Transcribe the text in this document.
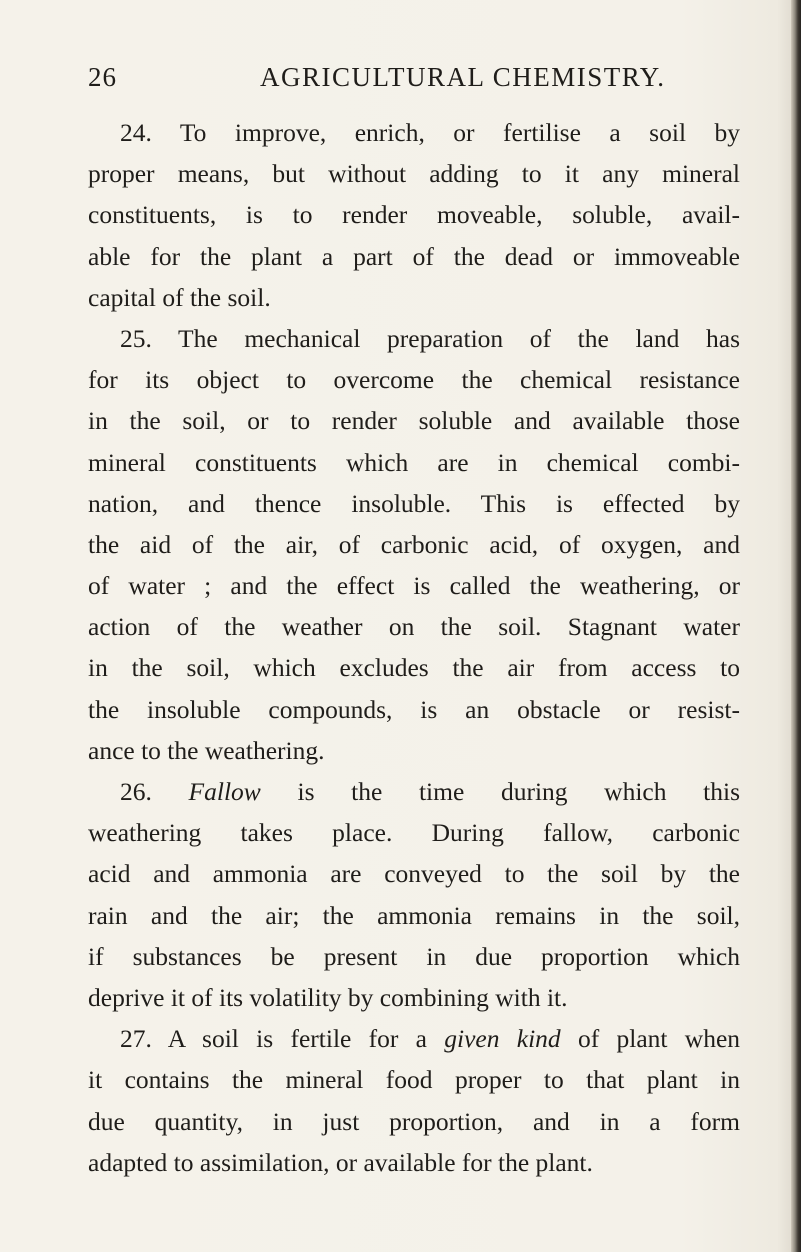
26	AGRICULTURAL CHEMISTRY.
24. To improve, enrich, or fertilise a soil by
proper means, but without adding to it any mineral
constituents, is to render moveable, soluble, avail-
able for the plant a part of the dead or immoveable
capital of the soil.
25. The mechanical preparation of the land has
for its object to overcome the chemical resistance
in the soil, or to render soluble and available those
mineral constituents which are in chemical combi-
nation, and thence insoluble. This is effected by
the aid of the air, of carbonic acid, of oxygen, and
of water ; and the effect is called the weathering, or
action of the weather on the soil. Stagnant water
in the soil, which excludes the air from access to
the insoluble compounds, is an obstacle or resist-
ance to the weathering.
26. Fallow is the time during which this
weathering takes place. During fallow, carbonic
acid and ammonia are conveyed to the soil by the
rain and the air; the ammonia remains in the soil,
if substances be present in due proportion which
deprive it of its volatility by combining with it.
27. A soil is fertile for a given kind of plant when
it contains the mineral food proper to that plant in
due quantity, in just proportion, and in a form
adapted to assimilation, or available for the plant.
